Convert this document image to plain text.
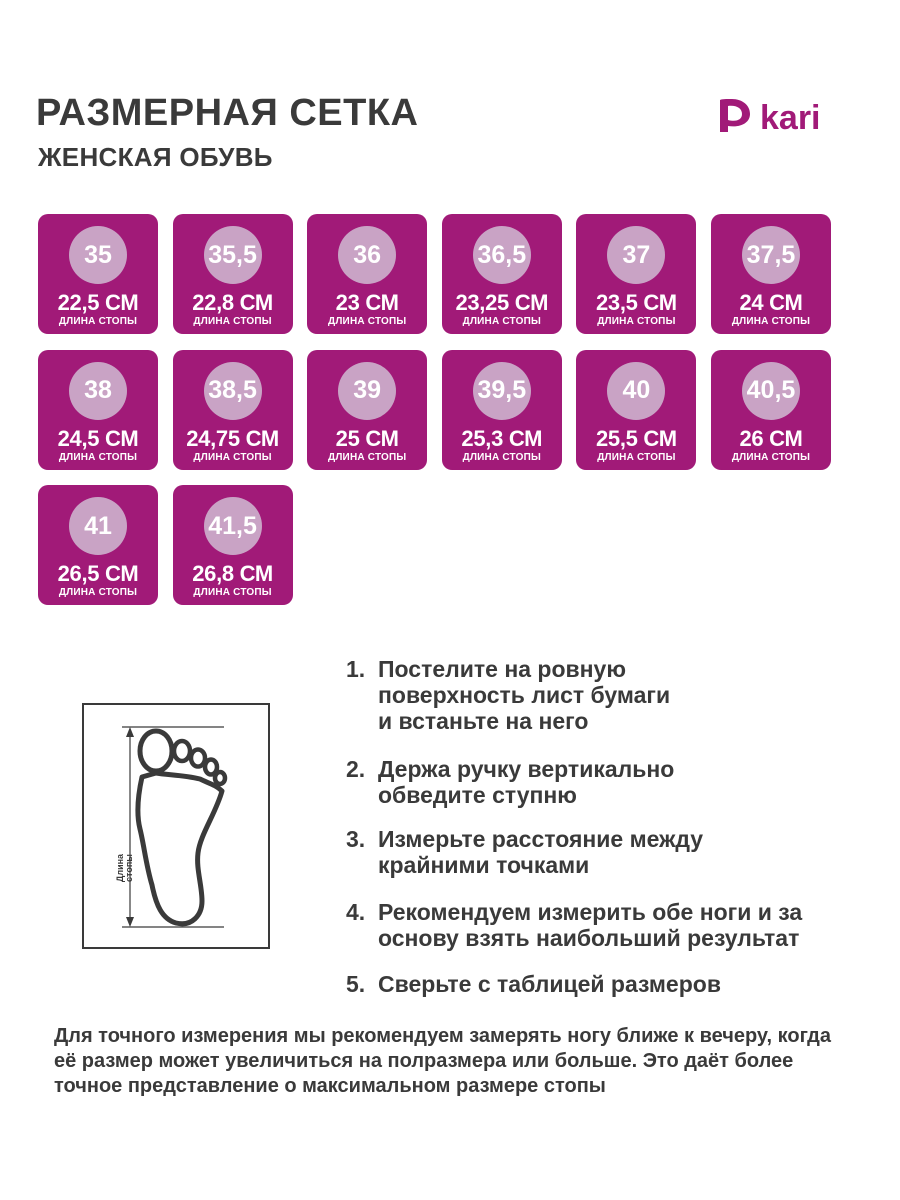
РАЗМЕРНАЯ СЕТКА
ЖЕНСКАЯ ОБУВЬ
kari
35
22,5 СМ
ДЛИНА СТОПЫ
35,5
22,8 СМ
ДЛИНА СТОПЫ
36
23 СМ
ДЛИНА СТОПЫ
36,5
23,25 СМ
ДЛИНА СТОПЫ
37
23,5 СМ
ДЛИНА СТОПЫ
37,5
24 СМ
ДЛИНА СТОПЫ
38
24,5 СМ
ДЛИНА СТОПЫ
38,5
24,75 СМ
ДЛИНА СТОПЫ
39
25 СМ
ДЛИНА СТОПЫ
39,5
25,3 СМ
ДЛИНА СТОПЫ
40
25,5 СМ
ДЛИНА СТОПЫ
40,5
26 СМ
ДЛИНА СТОПЫ
41
26,5 СМ
ДЛИНА СТОПЫ
41,5
26,8 СМ
ДЛИНА СТОПЫ
Длина стопы
1. Постелите на ровную поверхность лист бумаги и встаньте на него
2. Держа ручку вертикально обведите ступню
3. Измерьте расстояние между крайними точками
4. Рекомендуем измерить обе ноги и за основу взять наибольший результат
5. Сверьте с таблицей размеров
Для точного измерения мы рекомендуем замерять ногу ближе к вечеру, когда её размер может увеличиться на полразмера или больше. Это даёт более точное представление о максимальном размере стопы
